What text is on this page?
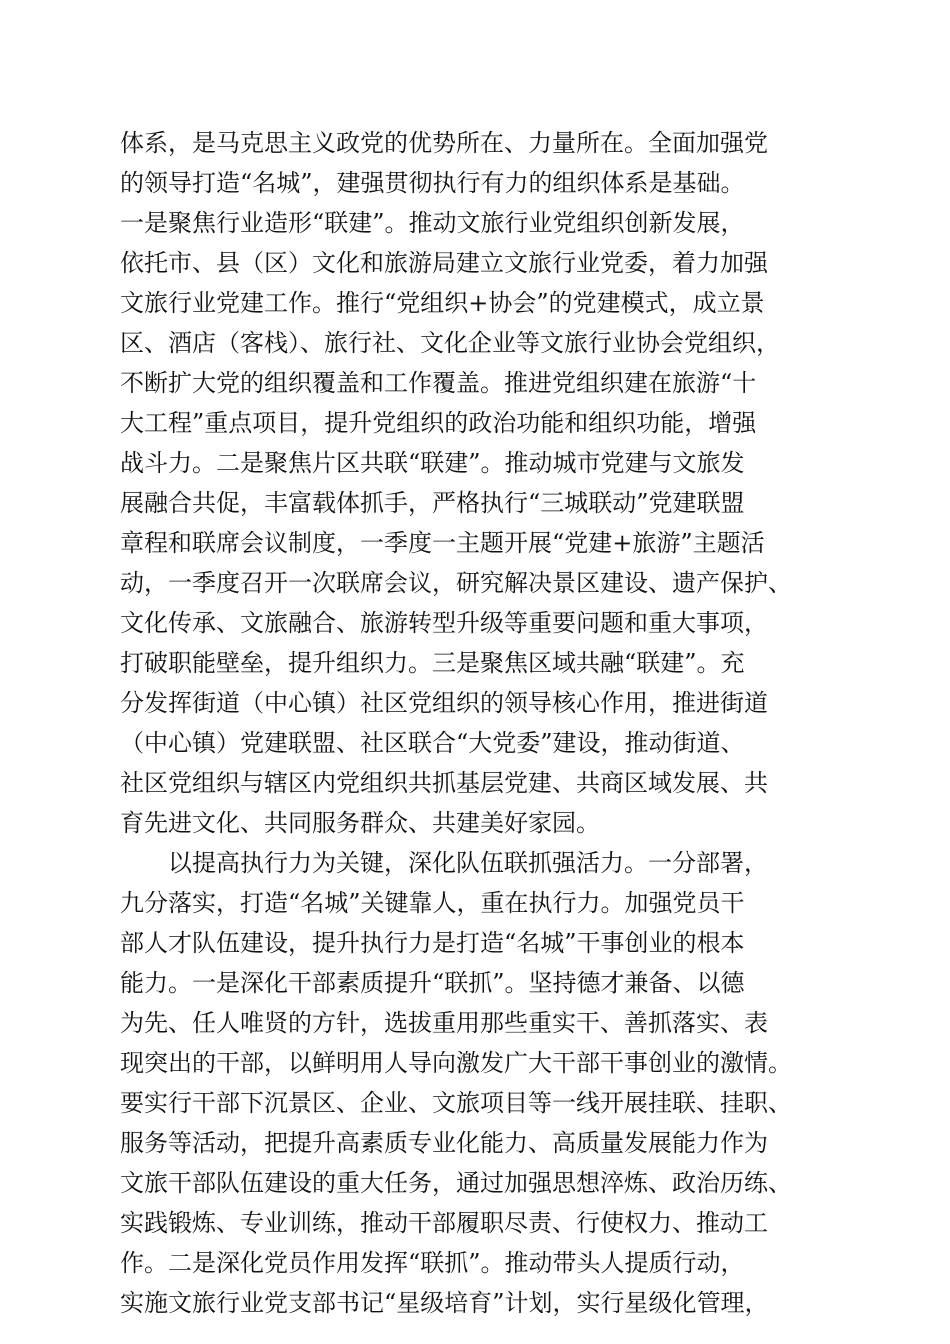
体系，是马克思主义政党的优势所在、力量所在。全面加强党
的领导打造“名城”，建强贯彻执行有力的组织体系是基础。
一是聚焦行业造形“联建”。推动文旅行业党组织创新发展，
依托市、县（区）文化和旅游局建立文旅行业党委，着力加强
文旅行业党建工作。推行“党组织+协会”的党建模式，成立景
区、酒店（客栈）、旅行社、文化企业等文旅行业协会党组织，
不断扩大党的组织覆盖和工作覆盖。推进党组织建在旅游“十
大工程”重点项目，提升党组织的政治功能和组织功能，增强
战斗力。二是聚焦片区共联“联建”。推动城市党建与文旅发
展融合共促，丰富载体抓手，严格执行“三城联动”党建联盟
章程和联席会议制度，一季度一主题开展“党建+旅游”主题活
动，一季度召开一次联席会议，研究解决景区建设、遗产保护、
文化传承、文旅融合、旅游转型升级等重要问题和重大事项，
打破职能壁垒，提升组织力。三是聚焦区域共融“联建”。充
分发挥街道（中心镇）社区党组织的领导核心作用，推进街道
（中心镇）党建联盟、社区联合“大党委”建设，推动街道、
社区党组织与辖区内党组织共抓基层党建、共商区域发展、共
育先进文化、共同服务群众、共建美好家园。
以提高执行力为关键，深化队伍联抓强活力。一分部署，
九分落实，打造“名城”关键靠人，重在执行力。加强党员干
部人才队伍建设，提升执行力是打造“名城”干事创业的根本
能力。一是深化干部素质提升“联抓”。坚持德才兼备、以德
为先、任人唯贤的方针，选拔重用那些重实干、善抓落实、表
现突出的干部，以鲜明用人导向激发广大干部干事创业的激情。
要实行干部下沉景区、企业、文旅项目等一线开展挂联、挂职、
服务等活动，把提升高素质专业化能力、高质量发展能力作为
文旅干部队伍建设的重大任务，通过加强思想淬炼、政治历练、
实践锻炼、专业训练，推动干部履职尽责、行使权力、推动工
作。二是深化党员作用发挥“联抓”。推动带头人提质行动，
实施文旅行业党支部书记“星级培育”计划，实行星级化管理，
